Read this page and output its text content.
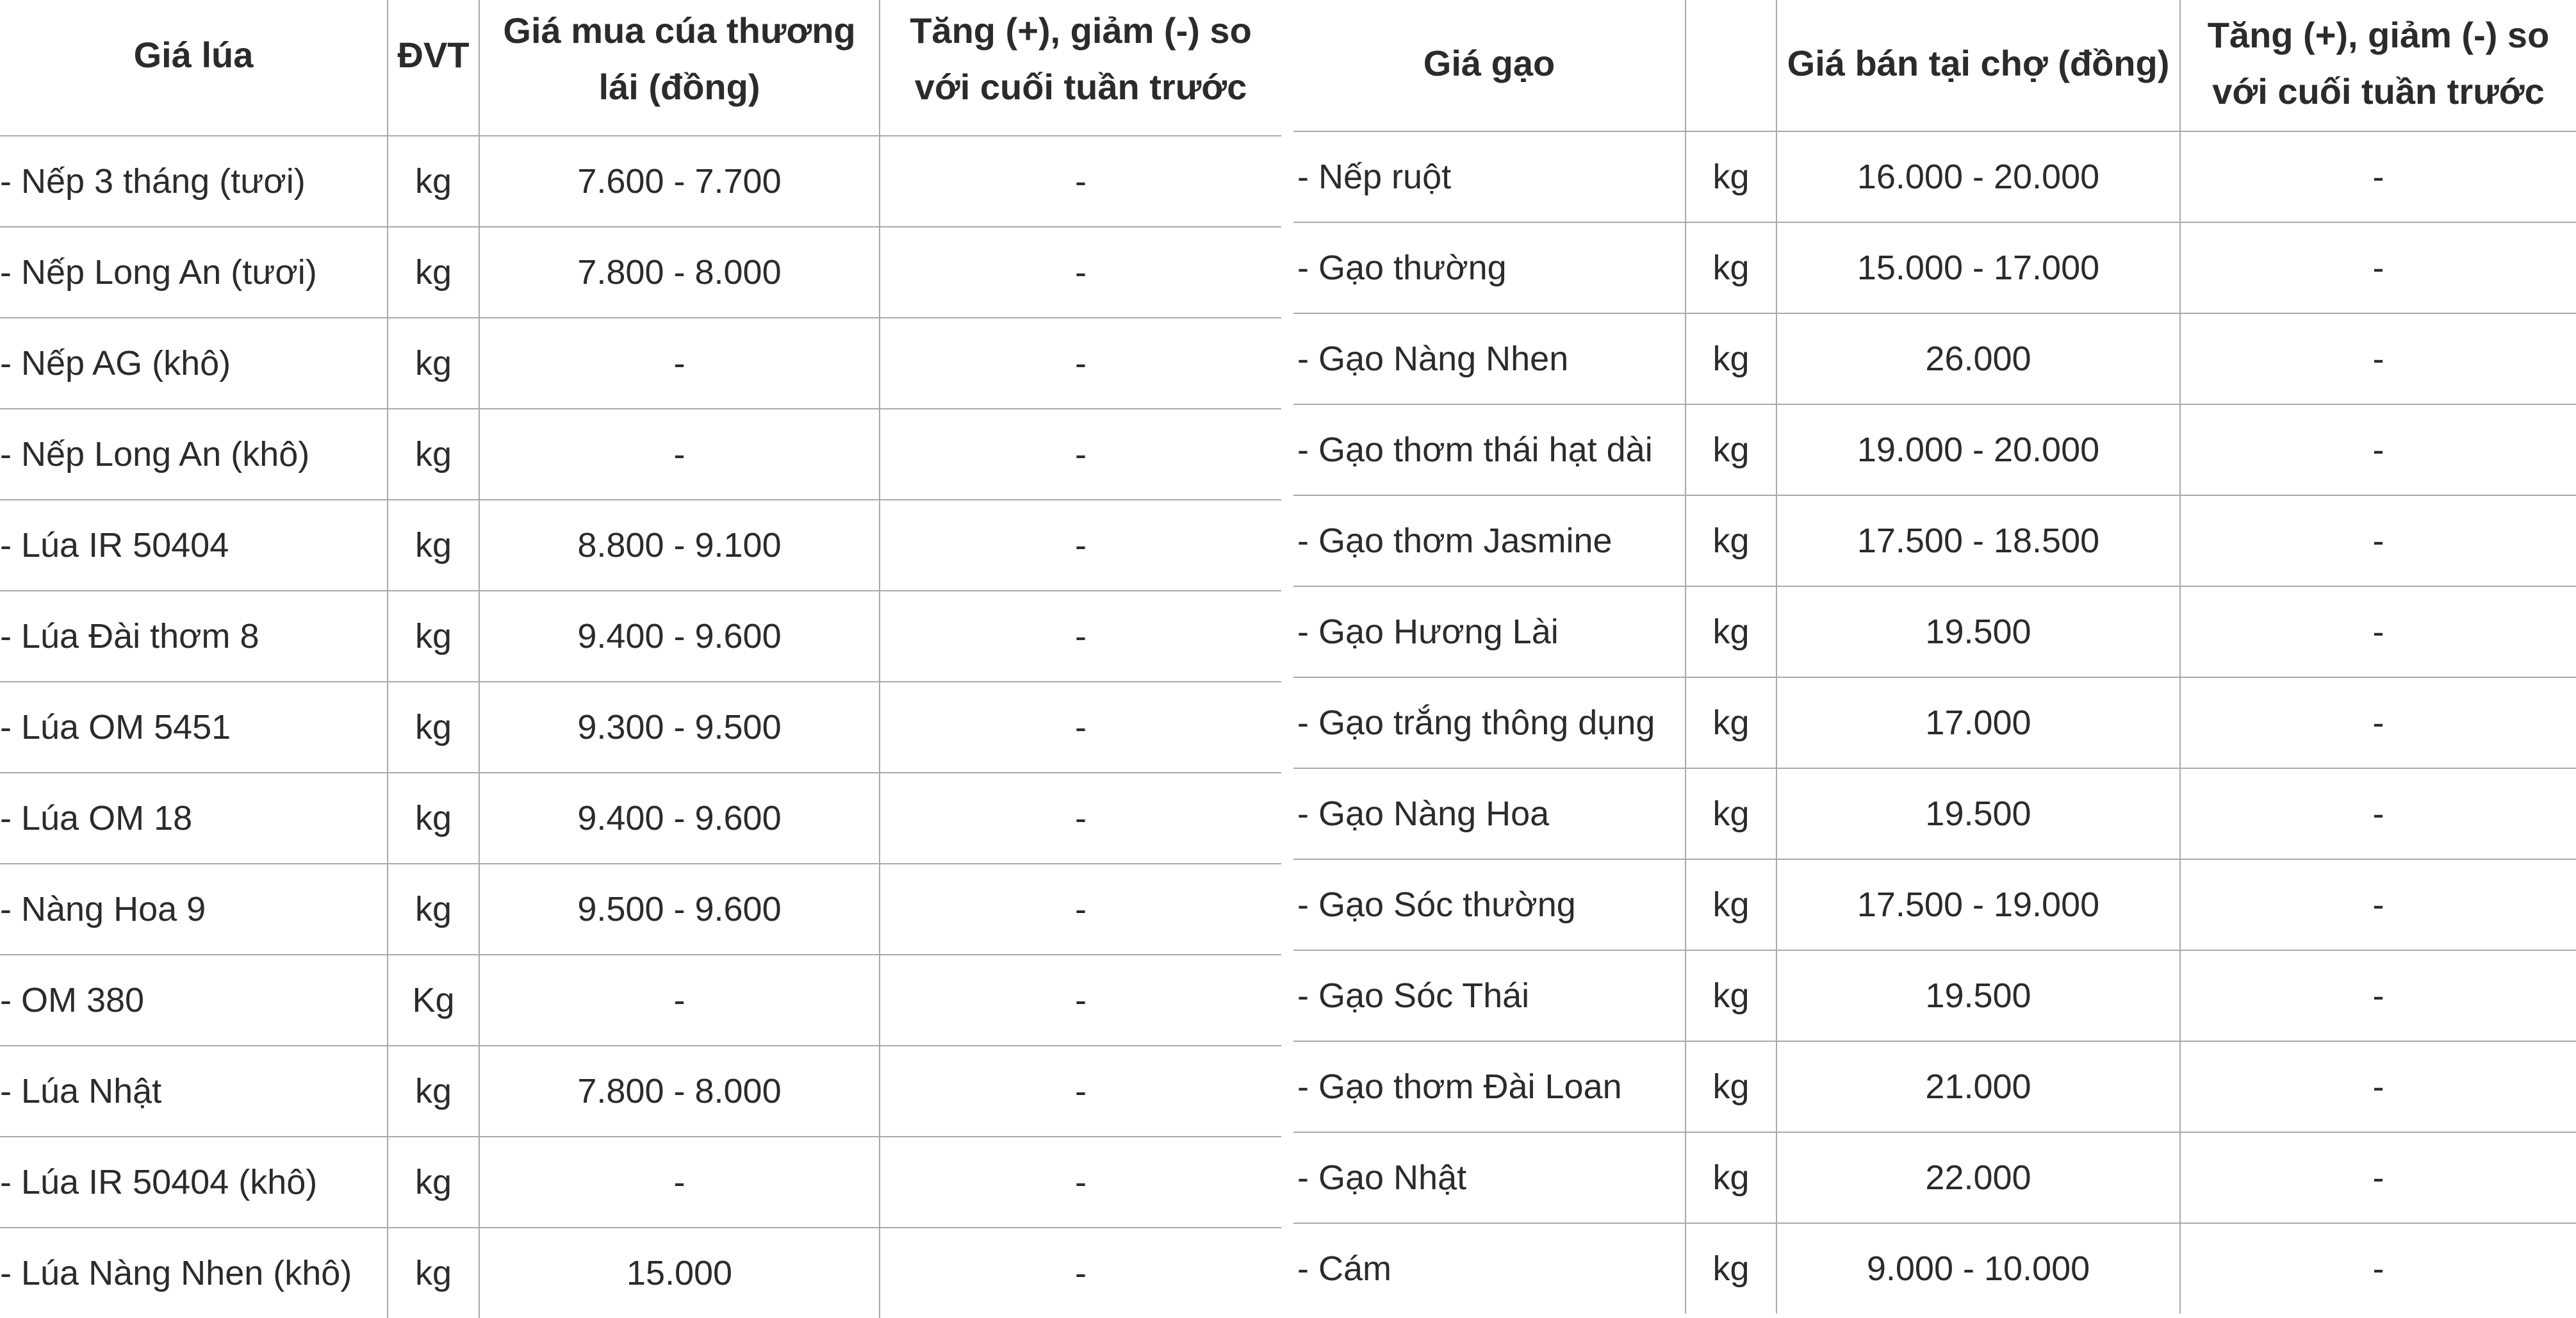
Giá lúa	ĐVT	Giá mua cúa thương lái (đồng)	Tăng (+), giảm (-) so với cuối tuần trước
- Nếp 3 tháng (tươi)	kg	7.600 - 7.700	-
- Nếp Long An (tươi)	kg	7.800 - 8.000	-
- Nếp AG (khô)	kg	-	-
- Nếp Long An (khô)	kg	-	-
- Lúa IR 50404	kg	8.800 - 9.100	-
- Lúa Đài thơm 8	kg	9.400 - 9.600	-
- Lúa OM 5451	kg	9.300 - 9.500	-
- Lúa OM 18	kg	9.400 - 9.600	-
- Nàng Hoa 9	kg	9.500 - 9.600	-
- OM 380	Kg	-	-
- Lúa Nhật	kg	7.800 - 8.000	-
- Lúa IR 50404 (khô)	kg	-	-
- Lúa Nàng Nhen (khô)	kg	15.000	-
Giá gạo		Giá bán tại chợ (đồng)	Tăng (+), giảm (-) so với cuối tuần trước
- Nếp ruột	kg	16.000 - 20.000	-
- Gạo thường	kg	15.000 - 17.000	-
- Gạo Nàng Nhen	kg	26.000	-
- Gạo thơm thái hạt dài	kg	19.000 - 20.000	-
- Gạo thơm Jasmine	kg	17.500 - 18.500	-
- Gạo Hương Lài	kg	19.500	-
- Gạo trắng thông dụng	kg	17.000	-
- Gạo Nàng Hoa	kg	19.500	-
- Gạo Sóc thường	kg	17.500 - 19.000	-
- Gạo Sóc Thái	kg	19.500	-
- Gạo thơm Đài Loan	kg	21.000	-
- Gạo Nhật	kg	22.000	-
- Cám	kg	9.000 - 10.000	-
